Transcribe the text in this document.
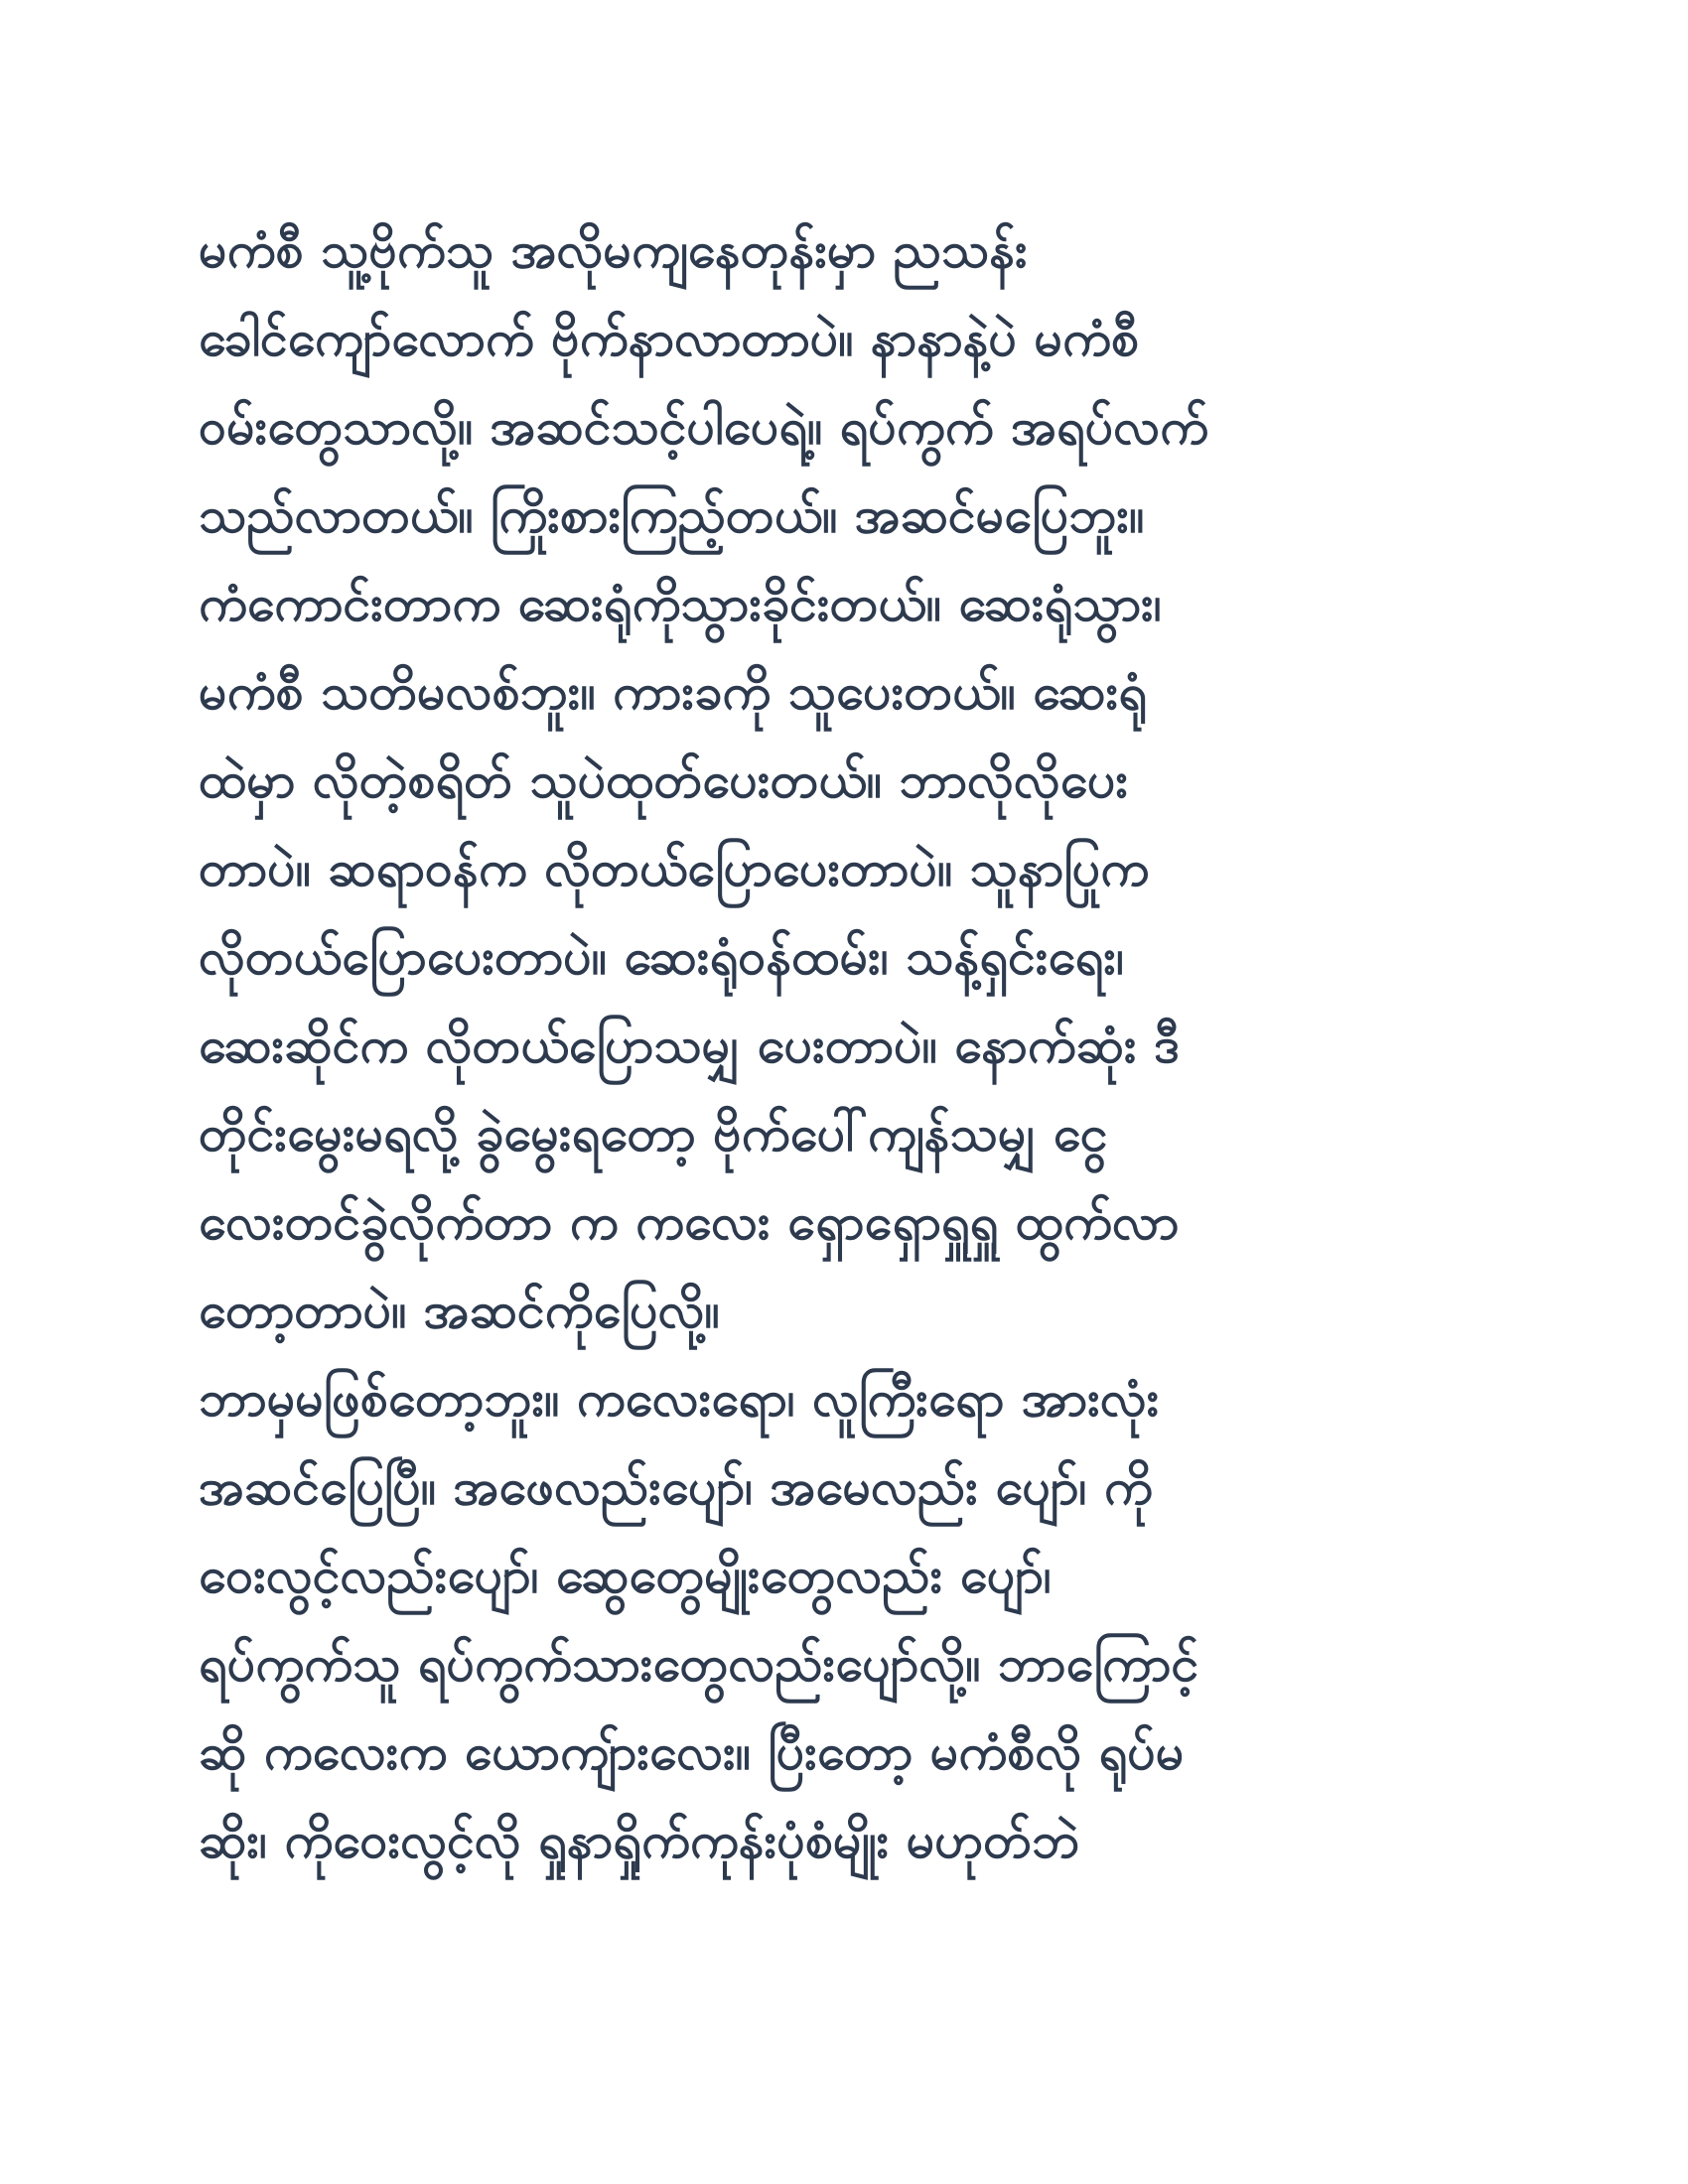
မကံစီ သူ့ဗိုက်သူ အလိုမကျနေတုန်းမှာ ညသန်း
ခေါင်ကျော်လောက် ဗိုက်နာလာတာပဲ။ နာနာနဲ့ပဲ မကံစီ
ဝမ်းတွေသာလို့။ အဆင်သင့်ပါပေရဲ့။ ရပ်ကွက် အရပ်လက်
သည်လာတယ်။ ကြိုးစားကြည့်တယ်။ အဆင်မပြေဘူး။
ကံကောင်းတာက ဆေးရုံကိုသွားခိုင်းတယ်။ ဆေးရုံသွား၊
မကံစီ သတိမလစ်ဘူး။ ကားခကို သူပေးတယ်။ ဆေးရုံ
ထဲမှာ လိုတဲ့စရိတ် သူပဲထုတ်ပေးတယ်။ ဘာလိုလိုပေး
တာပဲ။ ဆရာဝန်က လိုတယ်ပြောပေးတာပဲ။ သူနာပြုက
လိုတယ်ပြောပေးတာပဲ။ ဆေးရုံဝန်ထမ်း၊ သန့်ရှင်းရေး၊
ဆေးဆိုင်က လိုတယ်ပြောသမျှ ပေးတာပဲ။ နောက်ဆုံး ဒီ
တိုင်းမွေးမရလို့ ခွဲမွေးရတော့ ဗိုက်ပေါ်ကျန်သမျှ ငွေ
လေးတင်ခွဲလိုက်တာ က ကလေး ရှောရှောရှူရှူ ထွက်လာ
တော့တာပဲ။ အဆင်ကိုပြေလို့။
ဘာမှမဖြစ်တော့ဘူး။ ကလေးရော၊ လူကြီးရော အားလုံး
အဆင်ပြေပြီ။ အဖေလည်းပျော်၊ အမေလည်း ပျော်၊ ကို
ဝေးလွင့်လည်းပျော်၊ ဆွေတွေမျိုးတွေလည်း ပျော်၊
ရပ်ကွက်သူ ရပ်ကွက်သားတွေလည်းပျော်လို့။ ဘာကြောင့်
ဆို ကလေးက ယောကျ်ားလေး။ ပြီးတော့ မကံစီလို ရုပ်မ
ဆိုး၊ ကိုဝေးလွင့်လို ရှုနာရှိုက်ကုန်းပုံစံမျိုး မဟုတ်ဘဲ
